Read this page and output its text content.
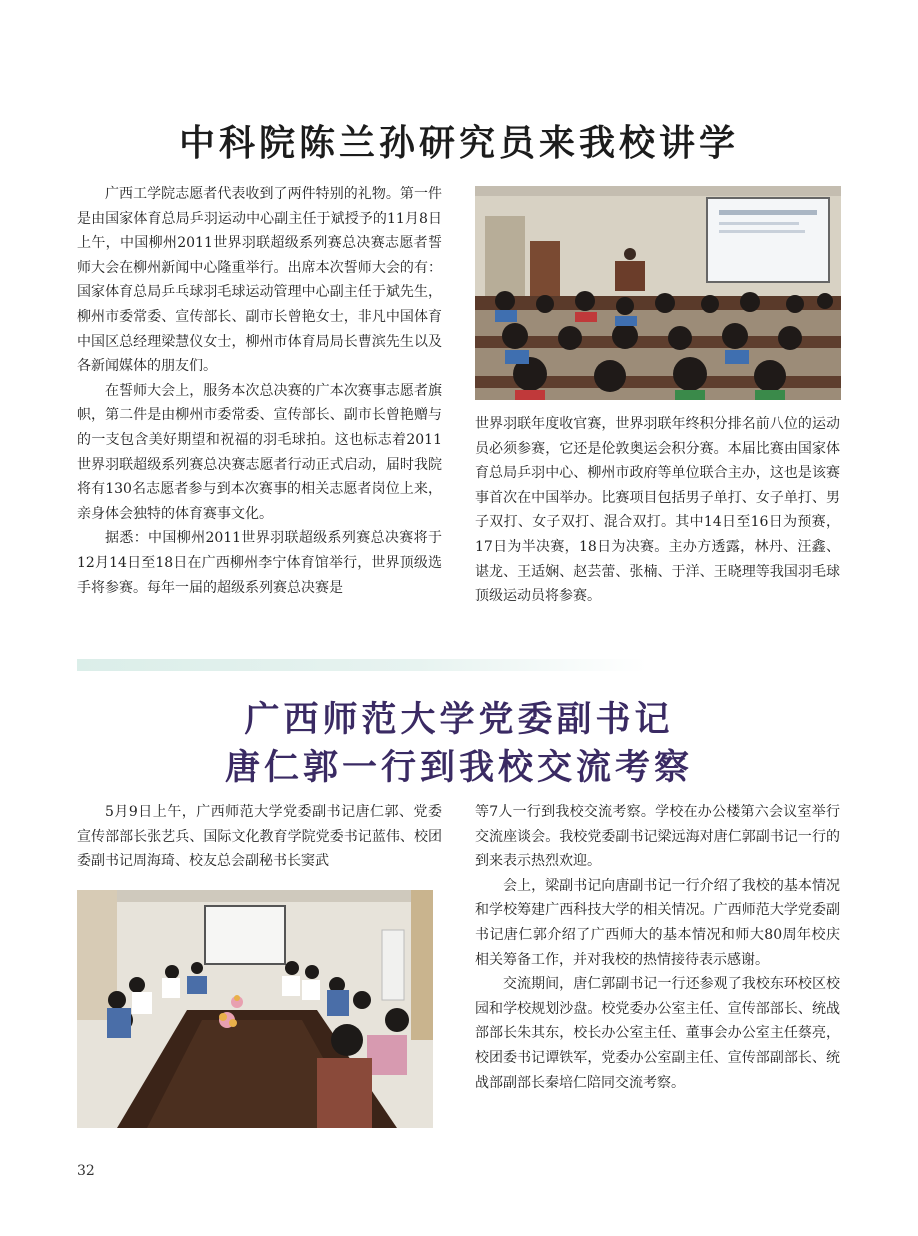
中科院陈兰孙研究员来我校讲学

广西工学院志愿者代表收到了两件特别的礼物。第一件是由国家体育总局乒羽运动中心副主任于斌授予的11月8日上午，中国柳州2011世界羽联超级系列赛总决赛志愿者誓师大会在柳州新闻中心隆重举行。出席本次誓师大会的有：国家体育总局乒乓球羽毛球运动管理中心副主任于斌先生，柳州市委常委、宣传部长、副市长曾艳女士，非凡中国体育中国区总经理梁慧仪女士，柳州市体育局局长曹滨先生以及各新闻媒体的朋友们。

在誓师大会上，服务本次总决赛的广本次赛事志愿者旗帜，第二件是由柳州市委常委、宣传部长、副市长曾艳赠与的一支包含美好期望和祝福的羽毛球拍。这也标志着2011世界羽联超级系列赛总决赛志愿者行动正式启动，届时我院将有130名志愿者参与到本次赛事的相关志愿者岗位上来，亲身体会独特的体育赛事文化。

据悉：中国柳州2011世界羽联超级系列赛总决赛将于12月14日至18日在广西柳州李宁体育馆举行，世界顶级选手将参赛。每年一届的超级系列赛总决赛是

世界羽联年度收官赛，世界羽联年终积分排名前八位的运动员必须参赛，它还是伦敦奥运会积分赛。本届比赛由国家体育总局乒羽中心、柳州市政府等单位联合主办，这也是该赛事首次在中国举办。比赛项目包括男子单打、女子单打、男子双打、女子双打、混合双打。其中14日至16日为预赛，17日为半决赛，18日为决赛。主办方透露，林丹、汪鑫、谌龙、王适娴、赵芸蕾、张楠、于洋、王晓理等我国羽毛球顶级运动员将参赛。

广西师范大学党委副书记
唐仁郭一行到我校交流考察

5月9日上午，广西师范大学党委副书记唐仁郭、党委宣传部部长张艺兵、国际文化教育学院党委书记蓝伟、校团委副书记周海琦、校友总会副秘书长窦武

等7人一行到我校交流考察。学校在办公楼第六会议室举行交流座谈会。我校党委副书记梁远海对唐仁郭副书记一行的到来表示热烈欢迎。

会上，梁副书记向唐副书记一行介绍了我校的基本情况和学校筹建广西科技大学的相关情况。广西师范大学党委副书记唐仁郭介绍了广西师大的基本情况和师大80周年校庆相关筹备工作，并对我校的热情接待表示感谢。

交流期间，唐仁郭副书记一行还参观了我校东环校区校园和学校规划沙盘。校党委办公室主任、宣传部部长、统战部部长朱其东，校长办公室主任、董事会办公室主任蔡亮，校团委书记谭铁军，党委办公室副主任、宣传部副部长、统战部副部长秦培仁陪同交流考察。

32
